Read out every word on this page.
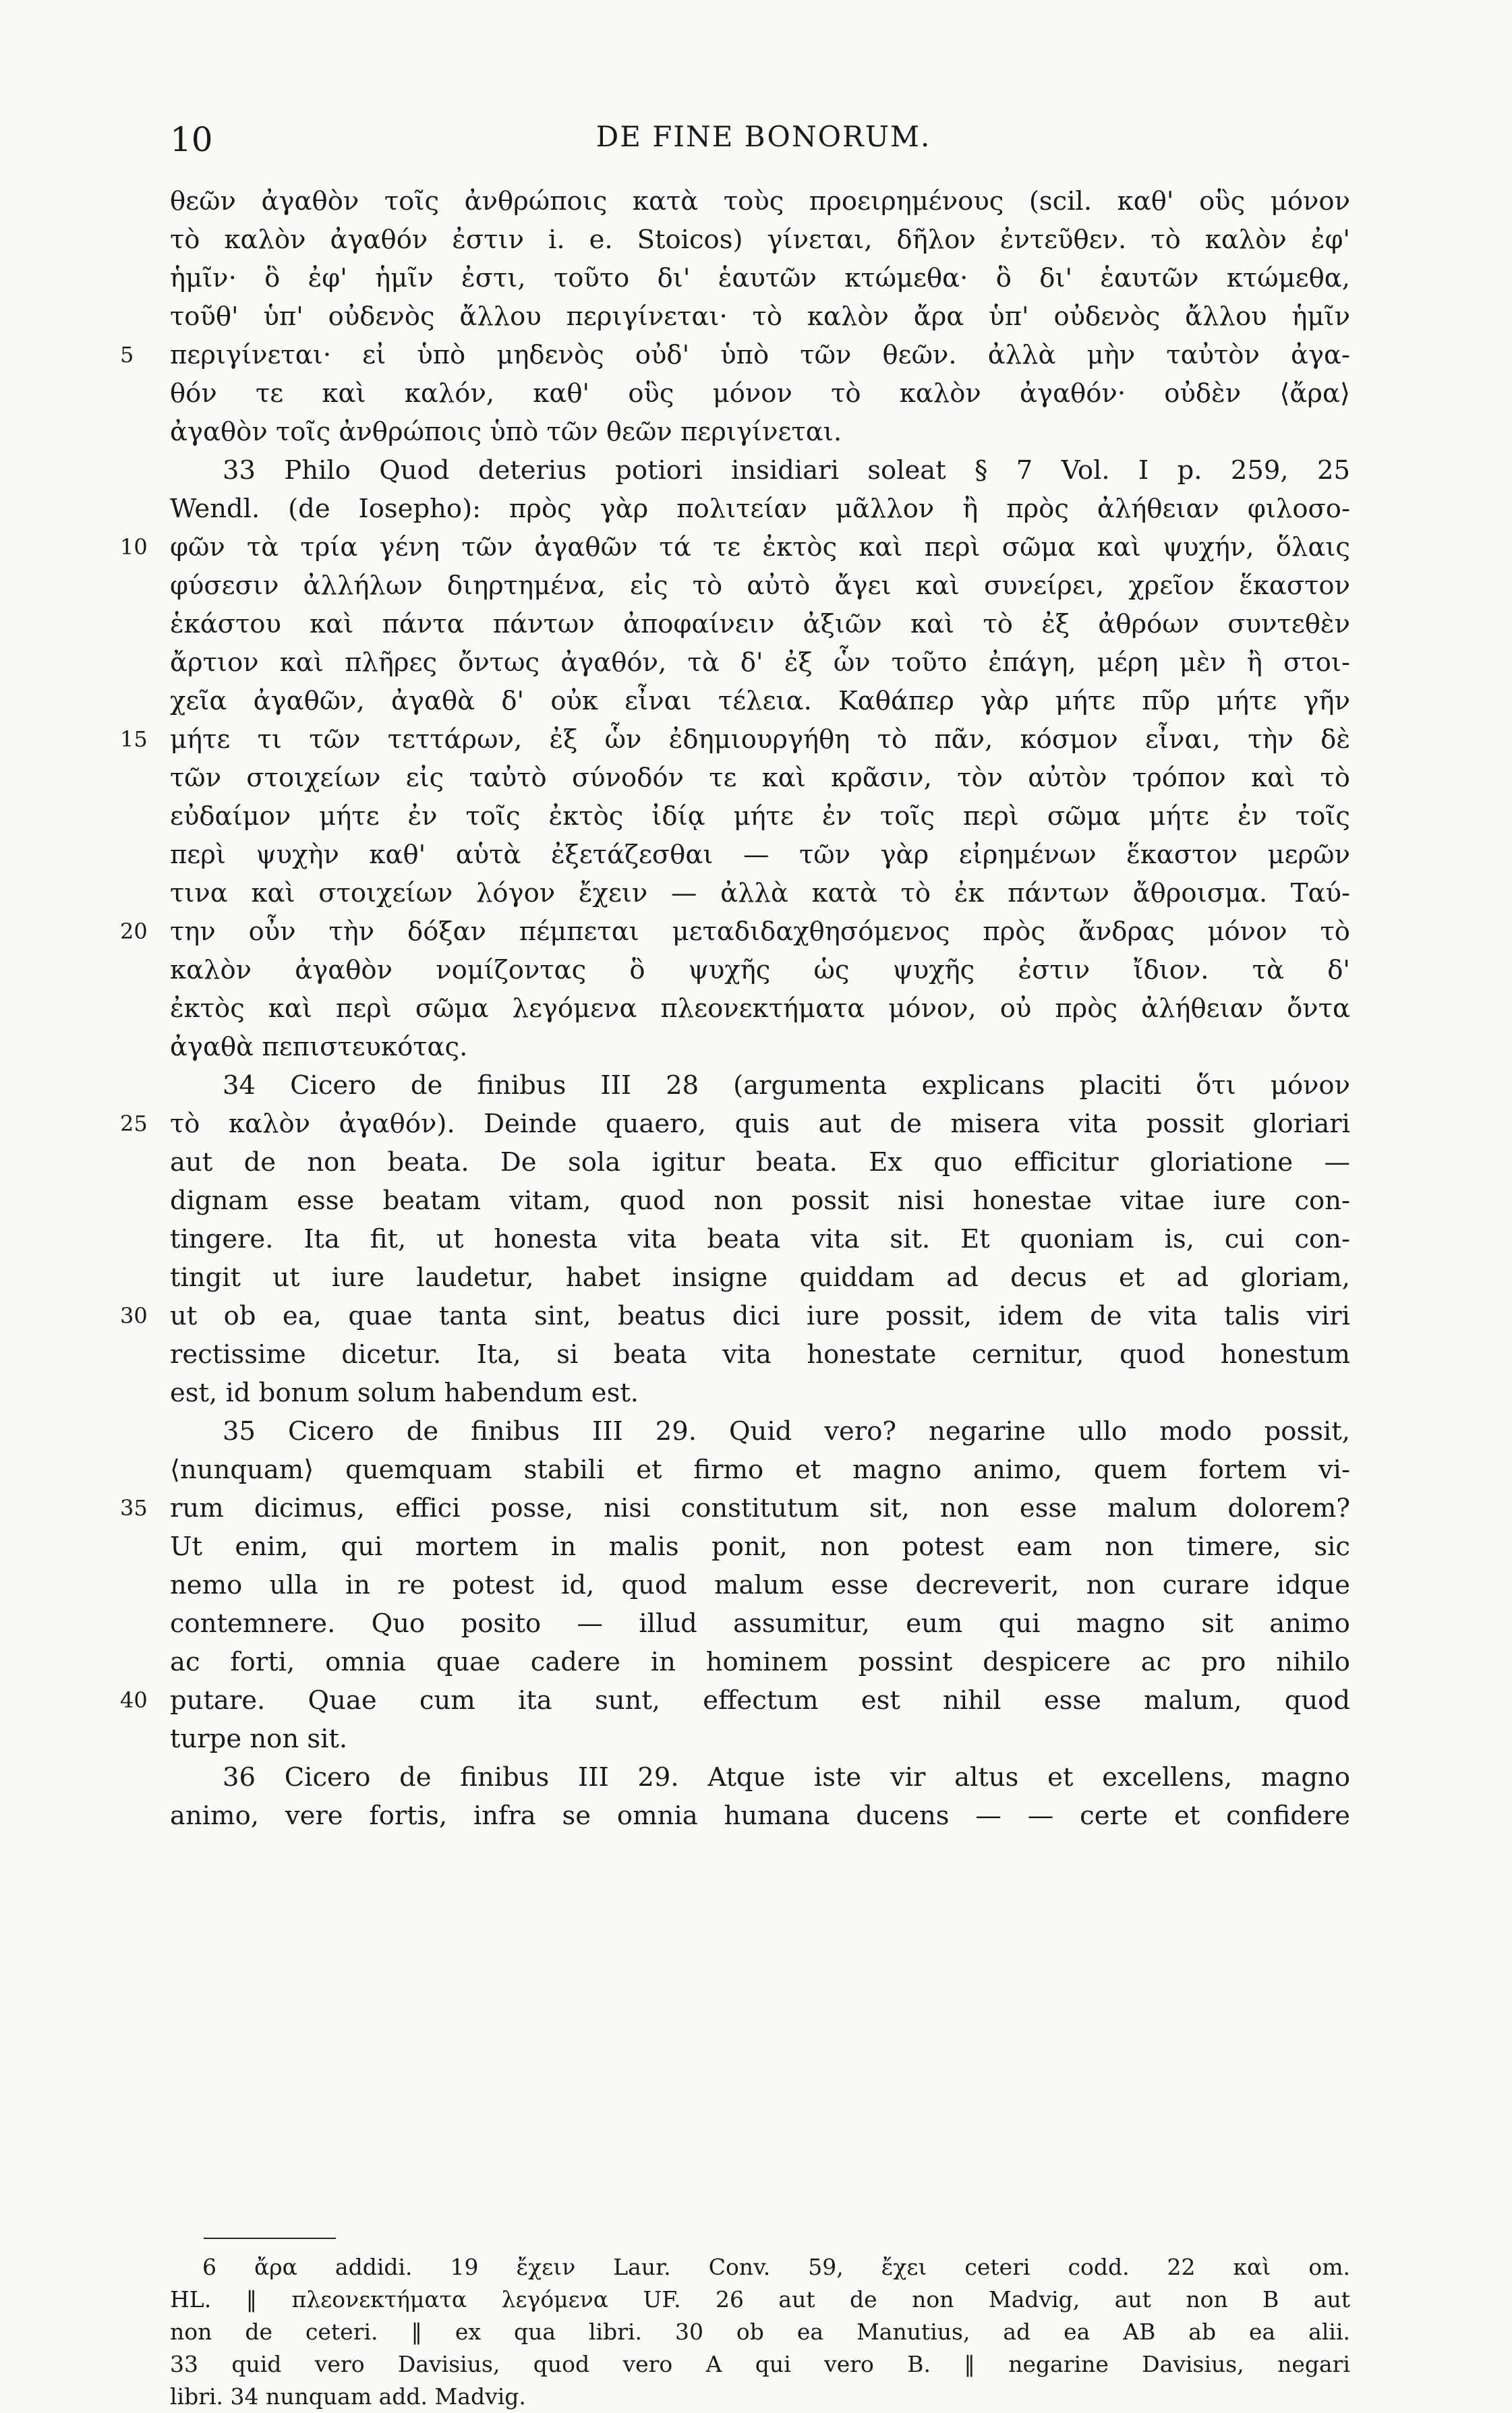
10	DE FINE BONORUM.
θεῶν ἀγαθὸν τοῖς ἀνθρώποις κατὰ τοὺς προειρημένους (scil. καθ' οὓς μόνον
τὸ καλὸν ἀγαθόν ἐστιν i. e. Stoicos) γίνεται, δῆλον ἐντεῦθεν. τὸ καλὸν ἐφ'
ἡμῖν· ὃ ἐφ' ἡμῖν ἐστι, τοῦτο δι' ἑαυτῶν κτώμεθα· ὃ δι' ἑαυτῶν κτώμεθα,
τοῦθ' ὑπ' οὐδενὸς ἄλλου περιγίνεται· τὸ καλὸν ἄρα ὑπ' οὐδενὸς ἄλλου ἡμῖν
5	περιγίνεται· εἰ ὑπὸ μηδενὸς οὐδ' ὑπὸ τῶν θεῶν. ἀλλὰ μὴν ταὐτὸν ἀγα-
θόν τε καὶ καλόν, καθ' οὓς μόνον τὸ καλὸν ἀγαθόν· οὐδὲν ⟨ἄρα⟩
ἀγαθὸν τοῖς ἀνθρώποις ὑπὸ τῶν θεῶν περιγίνεται.
33 Philo Quod deterius potiori insidiari soleat § 7 Vol. I p. 259, 25
Wendl. (de Iosepho): πρὸς γὰρ πολιτείαν μᾶλλον ἢ πρὸς ἀλήθειαν φιλοσο-
10 φῶν τὰ τρία γένη τῶν ἀγαθῶν τά τε ἐκτὸς καὶ περὶ σῶμα καὶ ψυχήν, ὅλαις
φύσεσιν ἀλλήλων διηρτημένα, εἰς τὸ αὐτὸ ἄγει καὶ συνείρει, χρεῖον ἕκαστον
ἑκάστου καὶ πάντα πάντων ἀποφαίνειν ἀξιῶν καὶ τὸ ἐξ ἀθρόων συντεθὲν
ἄρτιον καὶ πλῆρες ὄντως ἀγαθόν, τὰ δ' ἐξ ὧν τοῦτο ἐπάγη, μέρη μὲν ἢ στοι-
χεῖα ἀγαθῶν, ἀγαθὰ δ' οὐκ εἶναι τέλεια. Καθάπερ γὰρ μήτε πῦρ μήτε γῆν
15 μήτε τι τῶν τεττάρων, ἐξ ὧν ἐδημιουργήθη τὸ πᾶν, κόσμον εἶναι, τὴν δὲ
τῶν στοιχείων εἰς ταὐτὸ σύνοδόν τε καὶ κρᾶσιν, τὸν αὐτὸν τρόπον καὶ τὸ
εὐδαίμον μήτε ἐν τοῖς ἐκτὸς ἰδίᾳ μήτε ἐν τοῖς περὶ σῶμα μήτε ἐν τοῖς
περὶ ψυχὴν καθ' αὑτὰ ἐξετάζεσθαι — τῶν γὰρ εἰρημένων ἕκαστον μερῶν
τινα καὶ στοιχείων λόγον ἔχειν — ἀλλὰ κατὰ τὸ ἐκ πάντων ἄθροισμα. Ταύ-
20 την οὖν τὴν δόξαν πέμπεται μεταδιδαχθησόμενος πρὸς ἄνδρας μόνον τὸ
καλὸν ἀγαθὸν νομίζοντας ὃ ψυχῆς ὡς ψυχῆς ἐστιν ἴδιον. τὰ δ'
ἐκτὸς καὶ περὶ σῶμα λεγόμενα πλεονεκτήματα μόνον, οὐ πρὸς ἀλήθειαν ὄντα
ἀγαθὰ πεπιστευκότας.
34 Cicero de finibus III 28 (argumenta explicans placiti ὅτι μόνον
25 τὸ καλὸν ἀγαθόν). Deinde quaero, quis aut de misera vita possit gloriari
aut de non beata. De sola igitur beata. Ex quo efficitur gloriatione —
dignam esse beatam vitam, quod non possit nisi honestae vitae iure con-
tingere. Ita fit, ut honesta vita beata vita sit. Et quoniam is, cui con-
tingit ut iure laudetur, habet insigne quiddam ad decus et ad gloriam,
30 ut ob ea, quae tanta sint, beatus dici iure possit, idem de vita talis viri
rectissime dicetur. Ita, si beata vita honestate cernitur, quod honestum
est, id bonum solum habendum est.
35 Cicero de finibus III 29. Quid vero? negarine ullo modo possit,
⟨nunquam⟩ quemquam stabili et firmo et magno animo, quem fortem vi-
35 rum dicimus, effici posse, nisi constitutum sit, non esse malum dolorem?
Ut enim, qui mortem in malis ponit, non potest eam non timere, sic
nemo ulla in re potest id, quod malum esse decreverit, non curare idque
contemnere. Quo posito — illud assumitur, eum qui magno sit animo
ac forti, omnia quae cadere in hominem possint despicere ac pro nihilo
40 putare. Quae cum ita sunt, effectum est nihil esse malum, quod
turpe non sit.
36 Cicero de finibus III 29. Atque iste vir altus et excellens, magno
animo, vere fortis, infra se omnia humana ducens — — certe et confidere
6 ἄρα addidi. 19 ἔχειν Laur. Conv. 59, ἔχει ceteri codd. 22 καὶ om.
HL. ‖ πλεονεκτήματα λεγόμενα UF. 26 aut de non Madvig, aut non B aut
non de ceteri. ‖ ex qua libri. 30 ob ea Manutius, ad ea AB ab ea alii.
33 quid vero Davisius, quod vero A qui vero B. ‖ negarine Davisius, negari
libri. 34 nunquam add. Madvig.
